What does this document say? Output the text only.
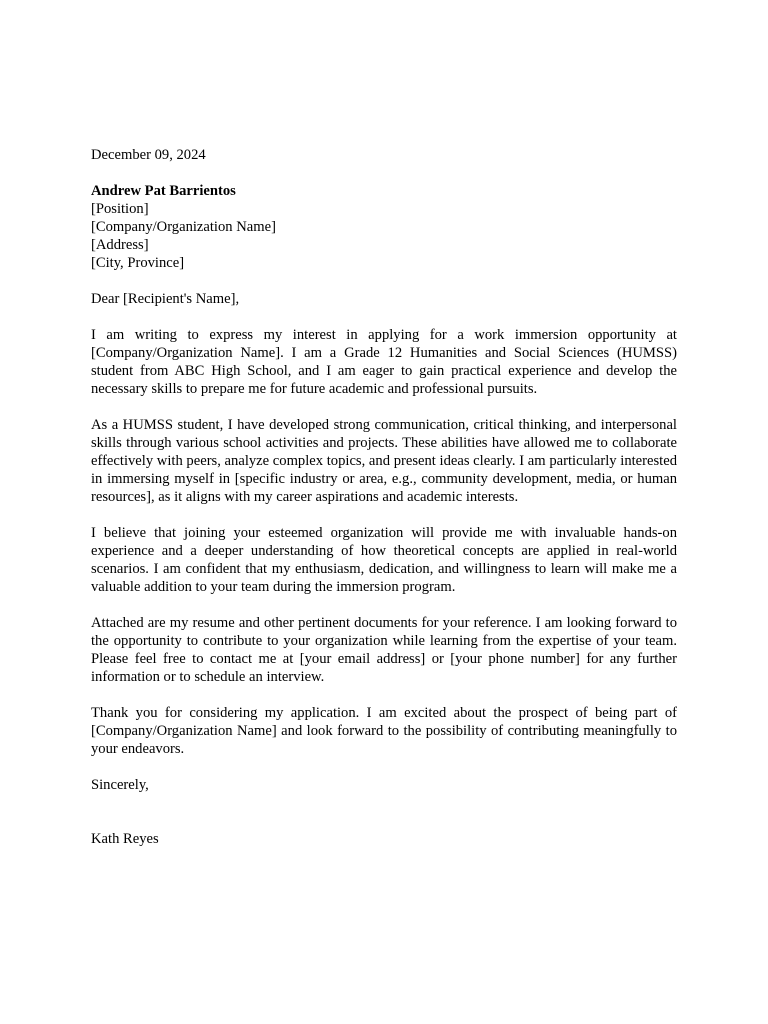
December 09, 2024
Andrew Pat Barrientos
[Position]
[Company/Organization Name]
[Address]
[City, Province]
Dear [Recipient's Name],

I am writing to express my interest in applying for a work immersion opportunity at [Company/Organization Name]. I am a Grade 12 Humanities and Social Sciences (HUMSS) student from ABC High School, and I am eager to gain practical experience and develop the necessary skills to prepare me for future academic and professional pursuits.

As a HUMSS student, I have developed strong communication, critical thinking, and interpersonal skills through various school activities and projects. These abilities have allowed me to collaborate effectively with peers, analyze complex topics, and present ideas clearly. I am particularly interested in immersing myself in [specific industry or area, e.g., community development, media, or human resources], as it aligns with my career aspirations and academic interests.

I believe that joining your esteemed organization will provide me with invaluable hands-on experience and a deeper understanding of how theoretical concepts are applied in real-world scenarios. I am confident that my enthusiasm, dedication, and willingness to learn will make me a valuable addition to your team during the immersion program.

Attached are my resume and other pertinent documents for your reference. I am looking forward to the opportunity to contribute to your organization while learning from the expertise of your team. Please feel free to contact me at [your email address] or [your phone number] for any further information or to schedule an interview.

Thank you for considering my application. I am excited about the prospect of being part of [Company/Organization Name] and look forward to the possibility of contributing meaningfully to your endeavors.

Sincerely,
Kath Reyes
